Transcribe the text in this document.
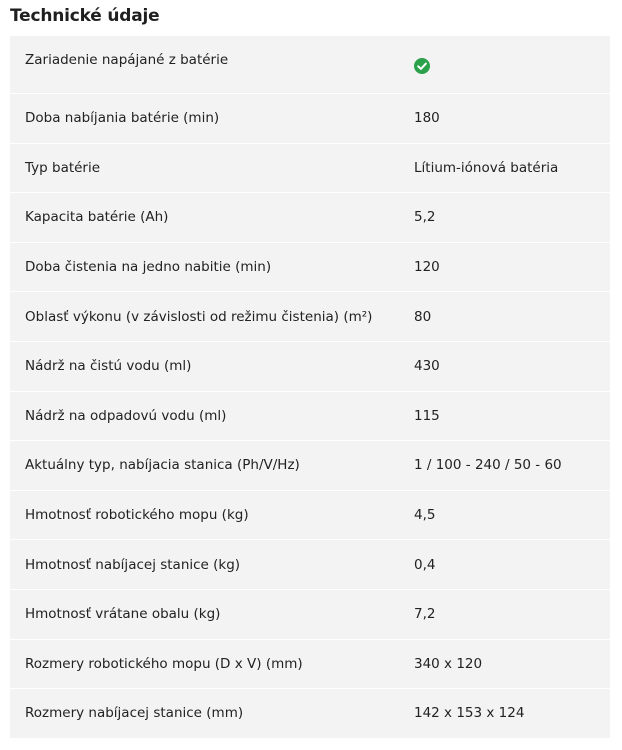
Technické údaje
Zariadenie napájané z batérie
Doba nabíjania batérie (min)	180
Typ batérie	Lítium-iónová batéria
Kapacita batérie (Ah)	5,2
Doba čistenia na jedno nabitie (min)	120
Oblasť výkonu (v závislosti od režimu čistenia) (m²)	80
Nádrž na čistú vodu (ml)	430
Nádrž na odpadovú vodu (ml)	115
Aktuálny typ, nabíjacia stanica (Ph/V/Hz)	1 / 100 - 240 / 50 - 60
Hmotnosť robotického mopu (kg)	4,5
Hmotnosť nabíjacej stanice (kg)	0,4
Hmotnosť vrátane obalu (kg)	7,2
Rozmery robotického mopu (D x V) (mm)	340 x 120
Rozmery nabíjacej stanice (mm)	142 x 153 x 124
